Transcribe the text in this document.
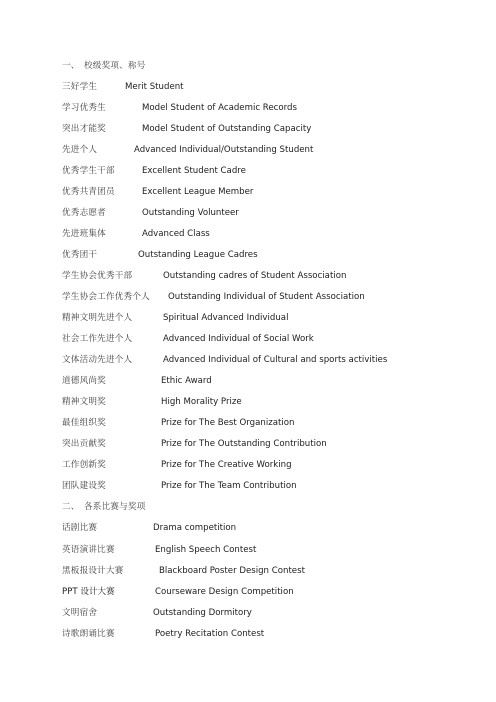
一、 校级奖项、称号
三好学生	Merit Student
学习优秀生	Model Student of Academic Records
突出才能奖	Model Student of Outstanding Capacity
先进个人	Advanced Individual/Outstanding Student
优秀学生干部	Excellent Student Cadre
优秀共青团员	Excellent League Member
优秀志愿者	Outstanding Volunteer
先进班集体	Advanced Class
优秀团干	Outstanding League Cadres
学生协会优秀干部	Outstanding cadres of Student Association
学生协会工作优秀个人 Outstanding Individual of Student Association
精神文明先进个人	Spiritual Advanced Individual
社会工作先进个人	Advanced Individual of Social Work
文体活动先进个人	Advanced Individual of Cultural and sports activities
道德风尚奖	Ethic Award
精神文明奖	High Morality Prize
最佳组织奖	Prize for The Best Organization
突出贡献奖	Prize for The Outstanding Contribution
工作创新奖	Prize for The Creative Working
团队建设奖	Prize for The Team Contribution
二、 各系比赛与奖项
话剧比赛	Drama competition
英语演讲比赛	English Speech Contest
黑板报设计大赛	Blackboard Poster Design Contest
PPT 设计大赛	Courseware Design Competition
文明宿舍	Outstanding Dormitory
诗歌朗诵比赛	Poetry Recitation Contest
